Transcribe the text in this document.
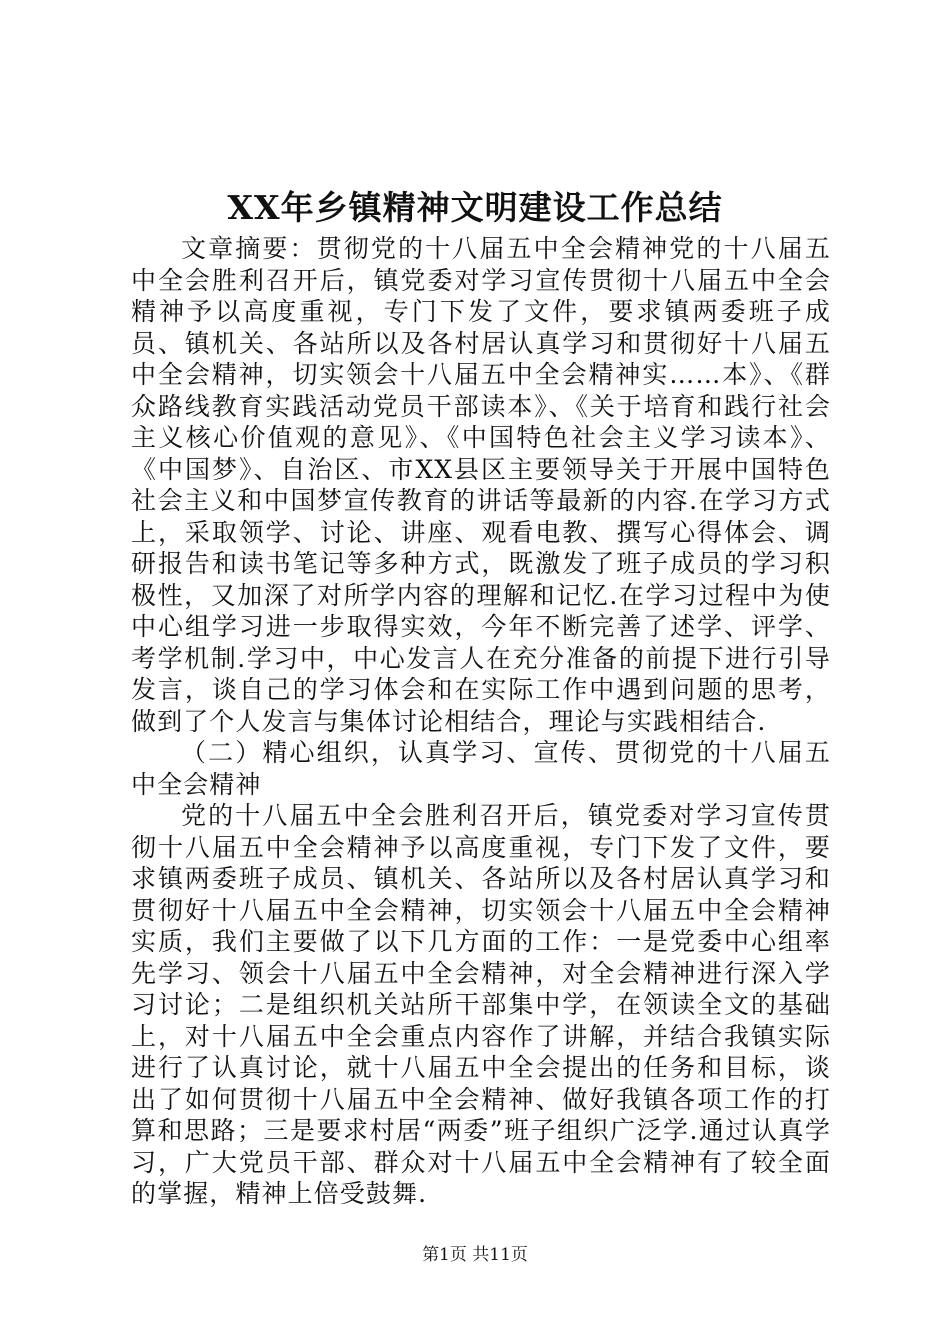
XX年乡镇精神文明建设工作总结

文章摘要：贯彻党的十八届五中全会精神党的十八届五中全会胜利召开后，镇党委对学习宣传贯彻十八届五中全会精神予以高度重视，专门下发了文件，要求镇两委班子成员、镇机关、各站所以及各村居认真学习和贯彻好十八届五中全会精神，切实领会十八届五中全会精神实……本》、《群众路线教育实践活动党员干部读本》、《关于培育和践行社会主义核心价值观的意见》、《中国特色社会主义学习读本》、《中国梦》、自治区、市XX县区主要领导关于开展中国特色社会主义和中国梦宣传教育的讲话等最新的内容.在学习方式上，采取领学、讨论、讲座、观看电教、撰写心得体会、调研报告和读书笔记等多种方式，既激发了班子成员的学习积极性，又加深了对所学内容的理解和记忆.在学习过程中为使中心组学习进一步取得实效，今年不断完善了述学、评学、考学机制.学习中，中心发言人在充分准备的前提下进行引导发言，谈自己的学习体会和在实际工作中遇到问题的思考，做到了个人发言与集体讨论相结合，理论与实践相结合.

（二）精心组织，认真学习、宣传、贯彻党的十八届五中全会精神

党的十八届五中全会胜利召开后，镇党委对学习宣传贯彻十八届五中全会精神予以高度重视，专门下发了文件，要求镇两委班子成员、镇机关、各站所以及各村居认真学习和贯彻好十八届五中全会精神，切实领会十八届五中全会精神实质，我们主要做了以下几方面的工作：一是党委中心组率先学习、领会十八届五中全会精神，对全会精神进行深入学习讨论；二是组织机关站所干部集中学，在领读全文的基础上，对十八届五中全会重点内容作了讲解，并结合我镇实际进行了认真讨论，就十八届五中全会提出的任务和目标，谈出了如何贯彻十八届五中全会精神、做好我镇各项工作的打算和思路；三是要求村居“两委”班子组织广泛学.通过认真学习，广大党员干部、群众对十八届五中全会精神有了较全面的掌握，精神上倍受鼓舞.

第1页 共11页
